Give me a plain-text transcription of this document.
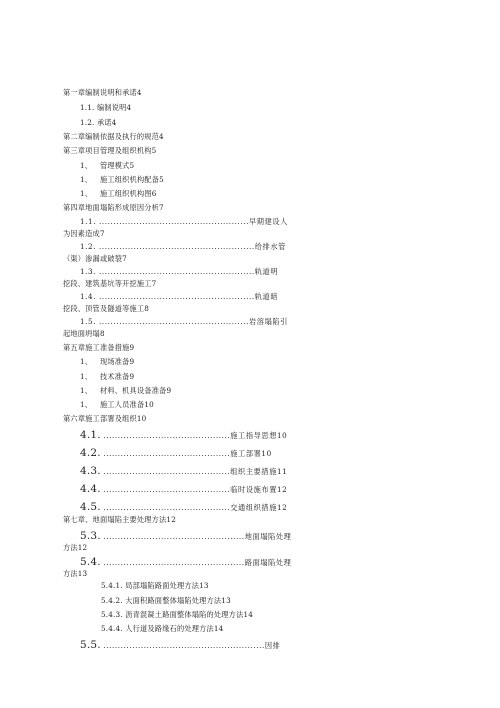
第一章编制说明和承诺4
1.1. 编制说明4
1.2. 承诺4
第二章编制依据及执行的规范4
第三章项目管理及组织机构5
1、 管理模式5
1、 施工组织机构配备5
1、 施工组织机构图6
第四章地面塌陷形成原因分析7
1.1. ....................................................早期建设人
为因素造成7
1.2. ......................................................给排水管
（渠）渗漏或破裂7
1.3. ......................................................轨道明
挖段、建筑基坑等开挖施工7
1.4. ......................................................轨道暗
挖段、顶管及隧道等施工8
1.5. ....................................................岩溶塌陷引
起地面坍塌8
第五章施工准备措施9
1、 现场准备9
1、 技术准备9
1、 材料、机具设备准备9
1、 施工人员准备10
第六章施工部署及组织10
4.1. ............................................施工指导思想10
4.2. ............................................施工部署10
4.3. ............................................组织主要措施11
4.4. ............................................临时设施布置12
4.5. ............................................交通组织措施12
第七章、地面塌陷主要处理方法12
5.3. .................................................地面塌陷处理
方法12
5.4. .................................................路面塌陷处理
方法13
5.4.1. 局部塌陷路面处理方法13
5.4.2. 大面积路面整体塌陷处理方法13
5.4.3. 沥青混凝土路面整体塌陷的处理方法14
5.4.4. 人行道及路缘石的处理方法14
5.5. ........................................................因排
